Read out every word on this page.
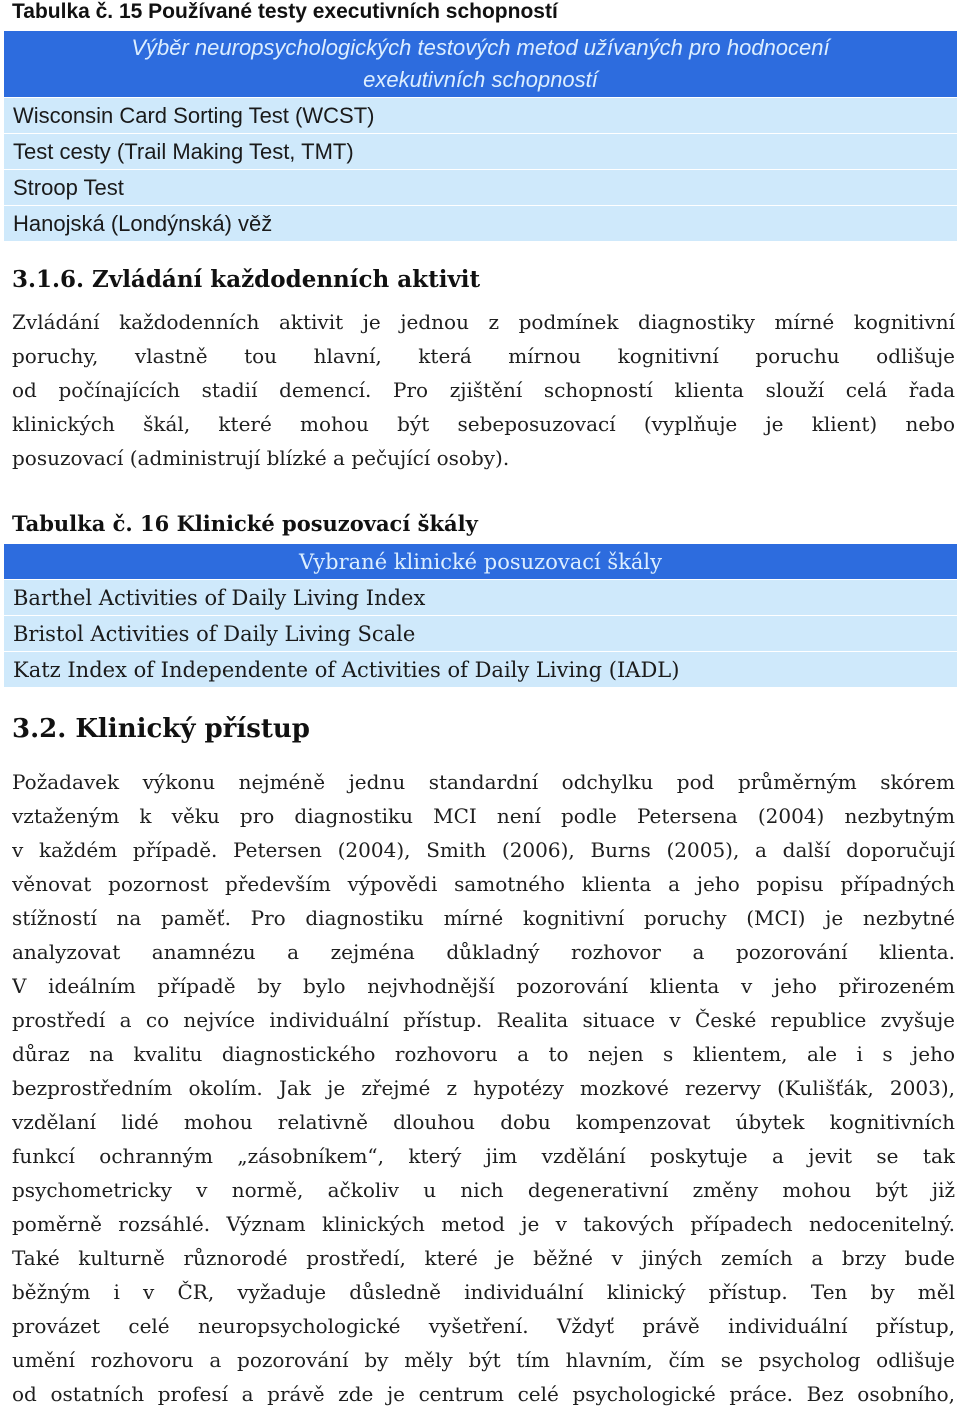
Tabulka č. 15 Používané testy executivních schopností
Výběr neuropsychologických testových metod užívaných pro hodnocení
exekutivních schopností
Wisconsin Card Sorting Test (WCST)
Test cesty (Trail Making Test, TMT)
Stroop Test
Hanojská (Londýnská) věž
3.1.6. Zvládání každodenních aktivit
Zvládání každodenních aktivit je jednou z podmínek diagnostiky mírné kognitivní
poruchy, vlastně tou hlavní, která mírnou kognitivní poruchu odlišuje
od počínajících stadií demencí. Pro zjištění schopností klienta slouží celá řada
klinických škál, které mohou být sebeposuzovací (vyplňuje je klient) nebo
posuzovací (administrují blízké a pečující osoby).
Tabulka č. 16 Klinické posuzovací škály
Vybrané klinické posuzovací škály
Barthel Activities of Daily Living Index
Bristol Activities of Daily Living Scale
Katz Index of Independente of Activities of Daily Living (IADL)
3.2. Klinický přístup
Požadavek výkonu nejméně jednu standardní odchylku pod průměrným skórem
vztaženým k věku pro diagnostiku MCI není podle Petersena (2004) nezbytným
v každém případě. Petersen (2004), Smith (2006), Burns (2005), a další doporučují
věnovat pozornost především výpovědi samotného klienta a jeho popisu případných
stížností na paměť. Pro diagnostiku mírné kognitivní poruchy (MCI) je nezbytné
analyzovat anamnézu a zejména důkladný rozhovor a pozorování klienta.
V ideálním případě by bylo nejvhodnější pozorování klienta v jeho přirozeném
prostředí a co nejvíce individuální přístup. Realita situace v České republice zvyšuje
důraz na kvalitu diagnostického rozhovoru a to nejen s klientem, ale i s jeho
bezprostředním okolím. Jak je zřejmé z hypotézy mozkové rezervy (Kulišťák, 2003),
vzdělaní lidé mohou relativně dlouhou dobu kompenzovat úbytek kognitivních
funkcí ochranným „zásobníkem“, který jim vzdělání poskytuje a jevit se tak
psychometricky v normě, ačkoliv u nich degenerativní změny mohou být již
poměrně rozsáhlé. Význam klinických metod je v takových případech nedocenitelný.
Také kulturně různorodé prostředí, které je běžné v jiných zemích a brzy bude
běžným i v ČR, vyžaduje důsledně individuální klinický přístup. Ten by měl
provázet celé neuropsychologické vyšetření. Vždyť právě individuální přístup,
umění rozhovoru a pozorování by měly být tím hlavním, čím se psycholog odlišuje
od ostatních profesí a právě zde je centrum celé psychologické práce. Bez osobního,
